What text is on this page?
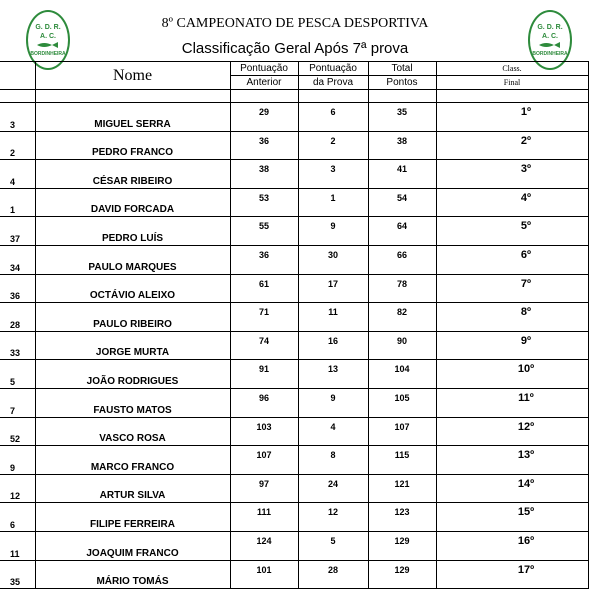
G. D. R.
A. C.
BORDINHEIRA
G. D. R.
A. C.
BORDINHEIRA
8º CAMPEONATO DE PESCA DESPORTIVA
Classificação Geral Após 7ª prova
	Nome	Pontuação	Pontuação	Total	Class.
		Anterior	da Prova	Pontos	Final

3	MIGUEL SERRA	29	6	35	1º
2	PEDRO FRANCO	36	2	38	2º
4	CÉSAR RIBEIRO	38	3	41	3º
1	DAVID FORCADA	53	1	54	4º
37	PEDRO LUÍS	55	9	64	5º
34	PAULO MARQUES	36	30	66	6º
36	OCTÁVIO ALEIXO	61	17	78	7º
28	PAULO RIBEIRO	71	11	82	8º
33	JORGE MURTA	74	16	90	9º
5	JOÃO RODRIGUES	91	13	104	10º
7	FAUSTO MATOS	96	9	105	11º
52	VASCO ROSA	103	4	107	12º
9	MARCO FRANCO	107	8	115	13º
12	ARTUR SILVA	97	24	121	14º
6	FILIPE FERREIRA	111	12	123	15º
11	JOAQUIM FRANCO	124	5	129	16º
35	MÁRIO TOMÁS	101	28	129	17º
